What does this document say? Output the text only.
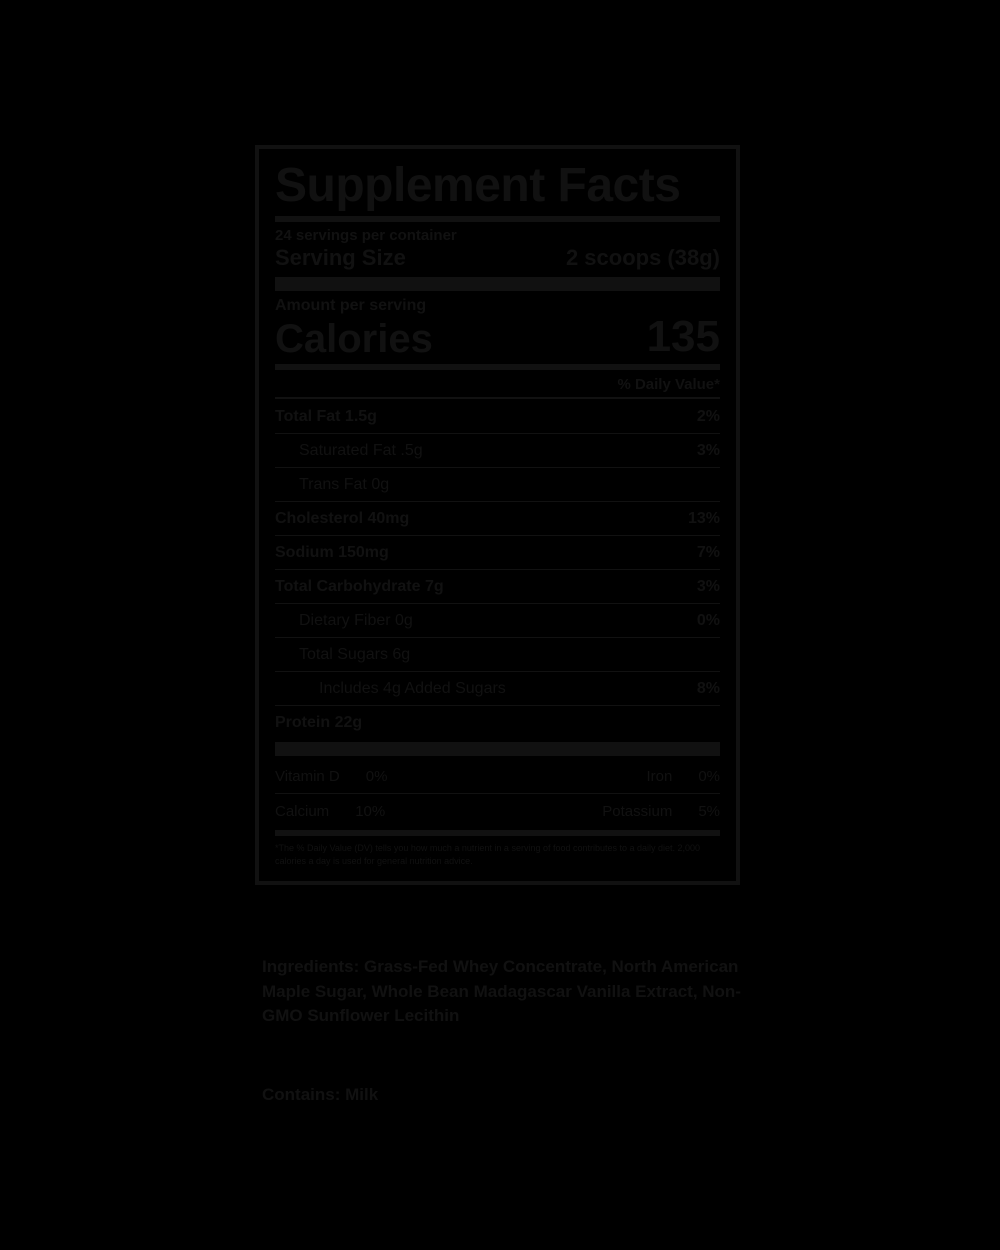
Supplement Facts
24 servings per container
Serving Size	2 scoops (38g)
Amount per serving
Calories	135
% Daily Value*
Total Fat 1.5g	2%
Saturated Fat .5g	3%
Trans Fat 0g
Cholesterol 40mg	13%
Sodium 150mg	7%
Total Carbohydrate 7g	3%
Dietary Fiber 0g	0%
Total Sugars 6g
Includes 4g Added Sugars	8%
Protein 22g
Vitamin D 0%	Iron 0%
Calcium 10%	Potassium 5%
*The % Daily Value (DV) tells you how much a nutrient in a serving of food contributes to a daily diet. 2,000 calories a day is used for general nutrition advice.
Ingredients: Grass-Fed Whey Concentrate, North American Maple Sugar, Whole Bean Madagascar Vanilla Extract, Non-GMO Sunflower Lecithin
Contains: Milk
